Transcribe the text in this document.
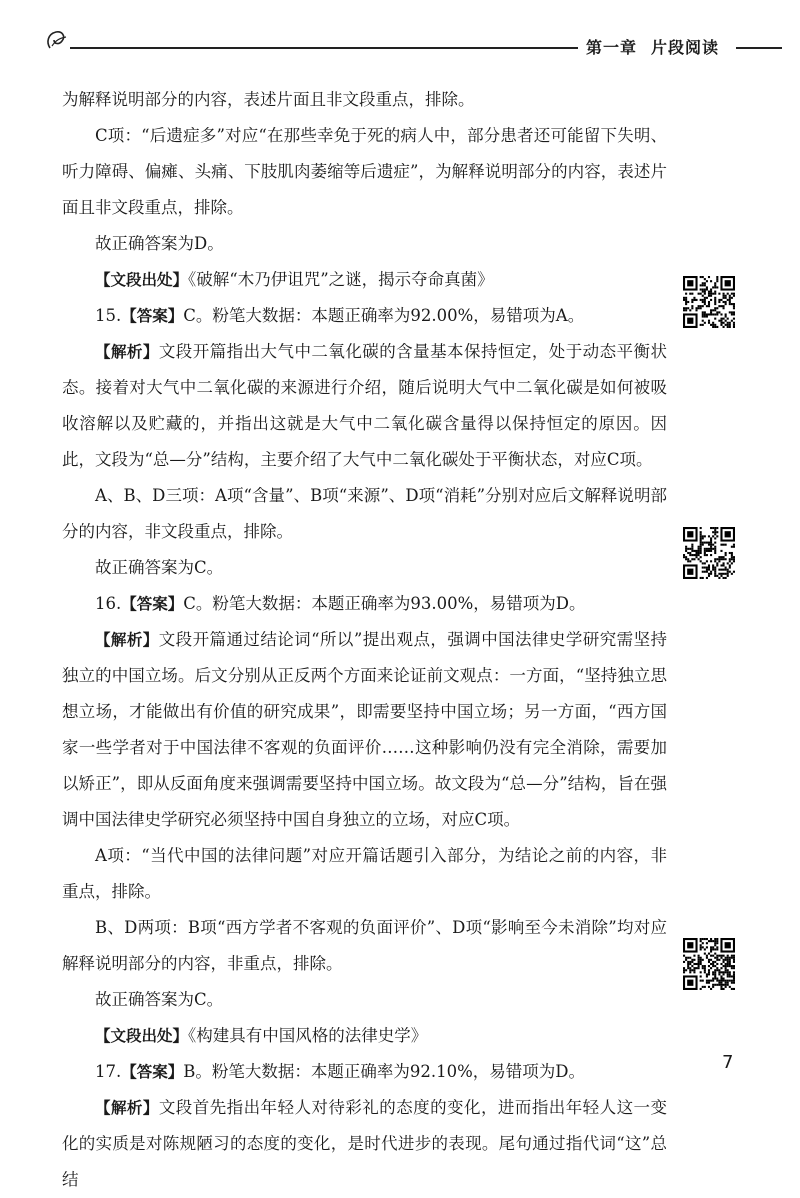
第一章 片段阅读

为解释说明部分的内容，表述片面且非文段重点，排除。

C项：“后遗症多”对应“在那些幸免于死的病人中，部分患者还可能留下失明、听力障碍、偏瘫、头痛、下肢肌肉萎缩等后遗症”，为解释说明部分的内容，表述片面且非文段重点，排除。

故正确答案为D。

【文段出处】《破解“木乃伊诅咒”之谜，揭示夺命真菌》

15.【答案】C。粉笔大数据：本题正确率为92.00%，易错项为A。

【解析】文段开篇指出大气中二氧化碳的含量基本保持恒定，处于动态平衡状态。接着对大气中二氧化碳的来源进行介绍，随后说明大气中二氧化碳是如何被吸收溶解以及贮藏的，并指出这就是大气中二氧化碳含量得以保持恒定的原因。因此，文段为“总—分”结构，主要介绍了大气中二氧化碳处于平衡状态，对应C项。

A、B、D三项：A项“含量”、B项“来源”、D项“消耗”分别对应后文解释说明部分的内容，非文段重点，排除。

故正确答案为C。

16.【答案】C。粉笔大数据：本题正确率为93.00%，易错项为D。

【解析】文段开篇通过结论词“所以”提出观点，强调中国法律史学研究需坚持独立的中国立场。后文分别从正反两个方面来论证前文观点：一方面，“坚持独立思想立场，才能做出有价值的研究成果”，即需要坚持中国立场；另一方面，“西方国家一些学者对于中国法律不客观的负面评价……这种影响仍没有完全消除，需要加以矫正”，即从反面角度来强调需要坚持中国立场。故文段为“总—分”结构，旨在强调中国法律史学研究必须坚持中国自身独立的立场，对应C项。

A项：“当代中国的法律问题”对应开篇话题引入部分，为结论之前的内容，非重点，排除。

B、D两项：B项“西方学者不客观的负面评价”、D项“影响至今未消除”均对应解释说明部分的内容，非重点，排除。

故正确答案为C。

【文段出处】《构建具有中国风格的法律史学》

17.【答案】B。粉笔大数据：本题正确率为92.10%，易错项为D。

【解析】文段首先指出年轻人对待彩礼的态度的变化，进而指出年轻人这一变化的实质是对陈规陋习的态度的变化，是时代进步的表现。尾句通过指代词“这”总结

7
